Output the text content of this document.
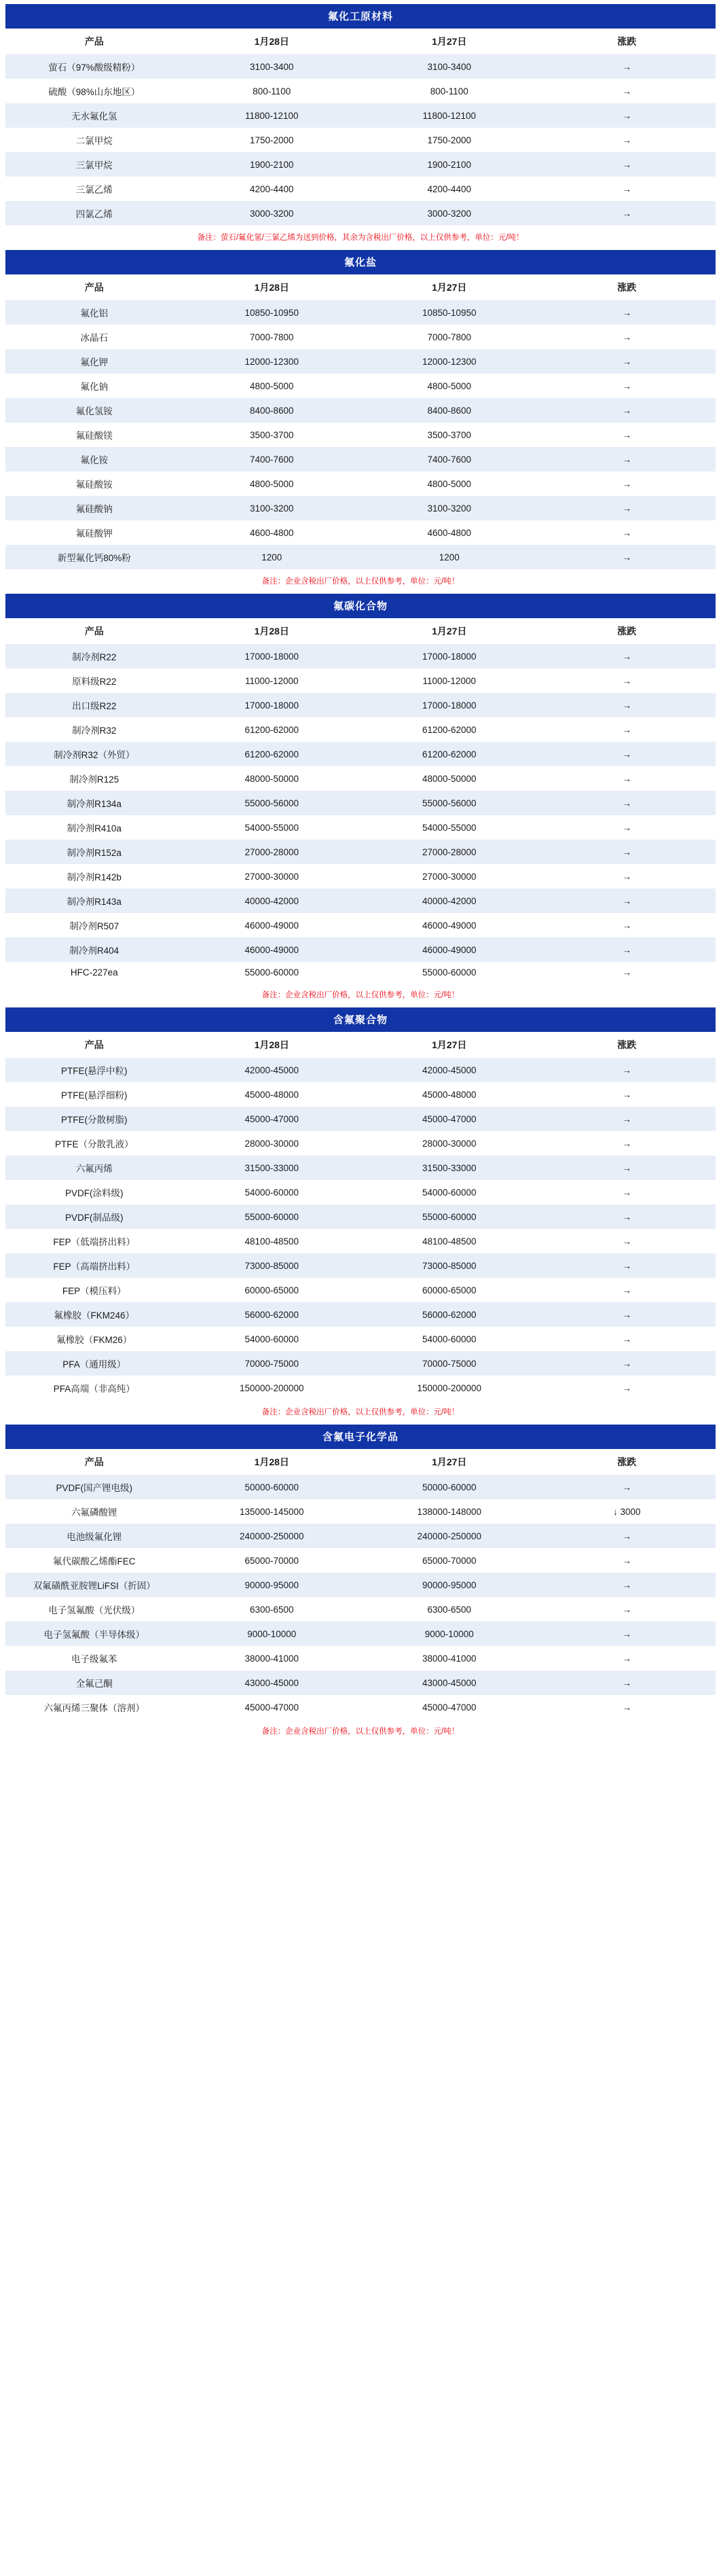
氟化工原材料			
产品	1月28日	1月27日	涨跌
萤石（97%酸级精粉）	3100-3400	3100-3400	→
硫酸（98%山东地区）	800-1100	800-1100	→
无水氟化氢	11800-12100	11800-12100	→
二氯甲烷	1750-2000	1750-2000	→
三氯甲烷	1900-2100	1900-2100	→
三氯乙烯	4200-4400	4200-4400	→
四氯乙烯	3000-3200	3000-3200	→
备注：萤石/氟化氢/三氯乙烯为送到价格，其余为含税出厂价格，以上仅供参考，单位：元/吨！			
氟化盐			
产品	1月28日	1月27日	涨跌
氟化铝	10850-10950	10850-10950	→
冰晶石	7000-7800	7000-7800	→
氟化钾	12000-12300	12000-12300	→
氟化钠	4800-5000	4800-5000	→
氟化氢铵	8400-8600	8400-8600	→
氟硅酸镁	3500-3700	3500-3700	→
氟化铵	7400-7600	7400-7600	→
氟硅酸铵	4800-5000	4800-5000	→
氟硅酸钠	3100-3200	3100-3200	→
氟硅酸钾	4600-4800	4600-4800	→
新型氟化钙80%粉	1200	1200	→
备注：企业含税出厂价格，以上仅供参考，单位：元/吨！			
氟碳化合物			
产品	1月28日	1月27日	涨跌
制冷剂R22	17000-18000	17000-18000	→
原料级R22	11000-12000	11000-12000	→
出口级R22	17000-18000	17000-18000	→
制冷剂R32	61200-62000	61200-62000	→
制冷剂R32（外贸）	61200-62000	61200-62000	→
制冷剂R125	48000-50000	48000-50000	→
制冷剂R134a	55000-56000	55000-56000	→
制冷剂R410a	54000-55000	54000-55000	→
制冷剂R152a	27000-28000	27000-28000	→
制冷剂R142b	27000-30000	27000-30000	→
制冷剂R143a	40000-42000	40000-42000	→
制冷剂R507	46000-49000	46000-49000	→
制冷剂R404	46000-49000	46000-49000	→
HFC-227ea	55000-60000	55000-60000	→
备注：企业含税出厂价格，以上仅供参考，单位：元/吨！			
含氟聚合物			
产品	1月28日	1月27日	涨跌
PTFE(悬浮中粒)	42000-45000	42000-45000	→
PTFE(悬浮细粉)	45000-48000	45000-48000	→
PTFE(分散树脂)	45000-47000	45000-47000	→
PTFE（分散乳液）	28000-30000	28000-30000	→
六氟丙烯	31500-33000	31500-33000	→
PVDF(涂料级)	54000-60000	54000-60000	→
PVDF(制品级)	55000-60000	55000-60000	→
FEP（低端挤出料）	48100-48500	48100-48500	→
FEP（高端挤出料）	73000-85000	73000-85000	→
FEP（模压料）	60000-65000	60000-65000	→
氟橡胶（FKM246）	56000-62000	56000-62000	→
氟橡胶（FKM26）	54000-60000	54000-60000	→
PFA（通用级）	70000-75000	70000-75000	→
PFA高端（非高纯）	150000-200000	150000-200000	→
备注：企业含税出厂价格，以上仅供参考，单位：元/吨！			
含氟电子化学品			
产品	1月28日	1月27日	涨跌
PVDF(国产锂电级)	50000-60000	50000-60000	→
六氟磷酸锂	135000-145000	138000-148000	↓ 3000
电池级氟化锂	240000-250000	240000-250000	→
氟代碳酸乙烯酯FEC	65000-70000	65000-70000	→
双氟磺酰亚胺锂LiFSI（折固）	90000-95000	90000-95000	→
电子氢氟酸（光伏级）	6300-6500	6300-6500	→
电子氢氟酸（半导体级）	9000-10000	9000-10000	→
电子级氟苯	38000-41000	38000-41000	→
全氟己酮	43000-45000	43000-45000	→
六氟丙烯三聚体（溶剂）	45000-47000	45000-47000	→
备注：企业含税出厂价格，以上仅供参考，单位：元/吨！			
